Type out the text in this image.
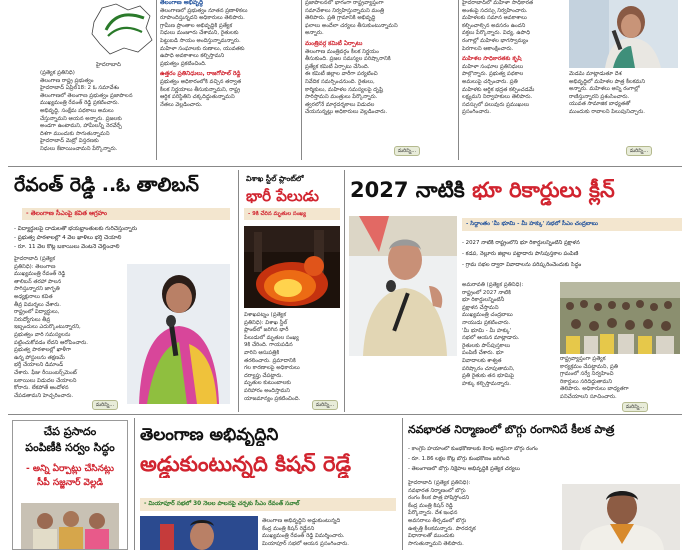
హైదరాబాద్
(ప్రత్యేక ప్రతినిధి)
తెలంగాణ రాష్ట్ర ప్రభుత్వం
హైదరాబాద్ ఏప్రిల్18: 2 ఓ సమావేశం
తెలంగాణలో తెలంగాణ ప్రభుత్వం ప్రజాపాలన
ముఖ్యమంత్రి రేవంత్ రెడ్డి ప్రకటించారు.
అభివృద్ధి, సంక్షేమ పథకాలు అమలు
చేస్తున్నామని ఆయన అన్నారు. ప్రజలకు
అండగా ఉంటామని, హామీలన్నీ నెరవేర్చే
దిశగా ముందుకు సాగుతున్నామని
హైదరాబాద్ మెట్రో విస్తరణకు
నిధులు కేటాయించామని పేర్కొన్నారు.
తెలంగాణ అభివృద్ధి
తెలంగాణలో ప్రభుత్వం నూతన ప్రణాళికలు
రూపొందిస్తున్నదని అధికారులు తెలిపారు.
గ్రామీణ ప్రాంతాల అభివృద్ధికి ప్రత్యేక
నిధులు మంజూరు చేశామని, రైతులకు
పెట్టుబడి సాయం అందిస్తున్నామన్నారు.
మహిళా సంఘాలకు రుణాలు, యువతకు
ఉపాధి అవకాశాలు కల్పిస్తామని
ప్రభుత్వం ప్రకటించింది.
ఉత్తరం ప్రతినిధులు, రాజగోపాల్ రెడ్డి
ప్రభుత్వం అధికారంలోకి వచ్చిన తర్వాత
కీలక నిర్ణయాలు తీసుకున్నామని, రాష్ట్ర
ఆర్థిక పరిస్థితిని చక్కదిద్దుతున్నామని
నేతలు వెల్లడించారు.
ప్రజాపాలనలో భాగంగా రాష్ట్రవ్యాప్తంగా
సమావేశాలు నిర్వహిస్తున్నామని మంత్రి
తెలిపారు. ప్రతి గ్రామానికి అభివృద్ధి
ఫలాలు అందేలా చర్యలు తీసుకుంటున్నామని
అన్నారు.
మంత్రివర్గ కమిటీ ఏర్పాటు
తెలంగాణ మంత్రివర్గం కీలక నిర్ణయం
తీసుకుంది. ప్రజల సమస్యల పరిష్కారానికి
ప్రత్యేక కమిటీ ఏర్పాటు చేసింది.
ఈ కమిటీ జిల్లాల వారీగా పర్యటించి
నివేదిక సమర్పించనుంది. రైతులు,
కార్మికులు, మహిళల సమస్యలపై దృష్టి
సారిస్తామని మంత్రులు పేర్కొన్నారు.
త్వరలోనే మార్గదర్శకాలు విడుదల
చేయనున్నట్లు అధికారులు వెల్లడించారు.
మరిన్ని...
హైదరాబాద్‌లో మహిళా సాధికారత
అంశంపై సదస్సు నిర్వహించారు.
మహిళలకు సమాన అవకాశాలు
కల్పించాల్సిన అవసరం ఉందని
వక్తలు పేర్కొన్నారు. విద్య, ఉపాధి
రంగాల్లో మహిళల భాగస్వామ్యం
పెరగాలని ఆకాంక్షించారు.
మహిళల సాధికారతకు కృషి
మహిళా సంఘాల ప్రతినిధులు
పాల్గొన్నారు. ప్రభుత్వ పథకాల
అమలుపై చర్చించారు. ప్రతి
మహిళకు ఆర్థిక భద్రత కల్పించడమే
లక్ష్యమని నిర్వాహకులు తెలిపారు.
సదస్సులో పలువురు ప్రముఖులు
ప్రసంగించారు.
మేడమ్ మాట్లాడుతూ దేశ
అభివృద్ధిలో మహిళల పాత్ర కీలకమని
అన్నారు. మహిళలు అన్ని రంగాల్లో
రాణిస్తున్నారని ప్రశంసించారు.
యువత సామాజిక బాధ్యతతో
ముందుకు రావాలని పిలుపునిచ్చారు.
మరిన్ని...
రేవంత్ రెడ్డి ..ఓ తాలిబన్
- తెలంగాణ సీఎంపై కవిత ఆగ్రహం
- విద్యార్థులపై దాడులతో భయభ్రాంతులకు గురిచేస్తున్నారు
- ప్రభుత్వ పాఠశాలల్లో 4 వేల ఖాళీలు భర్తీ చేయాలి
- రూ. 11 వేల కోట్ల బకాయిలు వెంటనే చెల్లించాలి
హైదరాబాద్ (ప్రత్యేక
ప్రతినిధి): తెలంగాణ
ముఖ్యమంత్రి రేవంత్ రెడ్డి
తాలిబన్ తరహా పాలన
సాగిస్తున్నారని జాగృతి
అధ్యక్షురాలు కవిత
తీవ్ర విమర్శలు చేశారు.
రాష్ట్రంలో విద్యార్థులు,
నిరుద్యోగులు తీవ్ర
ఇబ్బందులు ఎదుర్కొంటున్నారని,
ప్రభుత్వం వారి సమస్యలను
పట్టించుకోవడం లేదని ఆరోపించారు.
ప్రభుత్వ పాఠశాలల్లో ఖాళీగా
ఉన్న పోస్టులను తక్షణమే
భర్తీ చేయాలని డిమాండ్
చేశారు. ఫీజు రీయింబర్స్‌మెంట్
బకాయిలు విడుదల చేయాలని
కోరారు. లేకపోతే ఆందోళన
చేపడతామని హెచ్చరించారు.
మరిన్ని...
విశాఖ స్టీల్ ప్లాంట్‌లో
భారీ పేలుడు
- 9కి చేరిన మృతుల సంఖ్య
విశాఖపట్నం (ప్రత్యేక
ప్రతినిధి): విశాఖ స్టీల్
ప్లాంట్‌లో జరిగిన భారీ
పేలుడులో మృతుల సంఖ్య
9కి చేరింది. గాయపడిన
వారిని ఆసుపత్రికి
తరలించారు. ప్రమాదానికి
గల కారణాలపై అధికారులు
దర్యాప్తు చేపట్టారు.
మృతుల కుటుంబాలకు
పరిహారం అందిస్తామని
యాజమాన్యం ప్రకటించింది.
మరిన్ని...
2027 నాటికి భూ రికార్డులు క్లీన్
- సిద్దాంతం 'మీ భూమి - మీ హక్కు' సభలో సీఎం చంద్రబాబు
- 2027 నాటికి రాష్ట్రంలోని భూ రికార్డులన్నింటినీ ప్రక్షాళన
- కడప, నెల్లూరు జిల్లాల పట్టాదారు పాస్‌పుస్తకాల పంపిణీ
- గ్రామ సభల ద్వారా వివాదాలను పరిష్కరించేందుకు సిద్ధం
అమరావతి (ప్రత్యేక ప్రతినిధి):
రాష్ట్రంలో 2027 నాటికి
భూ రికార్డులన్నింటినీ
ప్రక్షాళన చేస్తామని
ముఖ్యమంత్రి చంద్రబాబు
నాయుడు ప్రకటించారు.
'మీ భూమి - మీ హక్కు'
సభలో ఆయన మాట్లాడారు.
రైతులకు పాస్‌పుస్తకాలు
పంపిణీ చేశారు. భూ
వివాదాలకు శాశ్వత
పరిష్కారం చూపుతామని,
ప్రతి రైతుకు తన భూమిపై
హక్కు కల్పిస్తామన్నారు.
రాష్ట్రవ్యాప్తంగా ప్రత్యేక
కార్యక్రమం చేపట్టామని, ప్రతి
గ్రామంలో సర్వే నిర్వహించి
రికార్డులు సరిదిద్దుతామని
తెలిపారు. అధికారులు బాధ్యతగా
పనిచేయాలని సూచించారు.
మరిన్ని...
చేప ప్రసాదం
పంపిణీకి సర్వం సిద్ధం
- అన్ని ఏర్పాట్లు చేసినట్లు
సీపీ సజ్జనార్ వెల్లడి
తెలంగాణ అభివృద్ధిని
అడ్డుకుంటున్నది కిషన్ రెడ్డే
- మియాపూర్ సభలో 30 నెలల పాలనపై చర్చకు సీఎం రేవంత్ సవాల్
తెలంగాణ అభివృద్ధిని అడ్డుకుంటున్నది
కేంద్ర మంత్రి కిషన్ రెడ్డేనని
ముఖ్యమంత్రి రేవంత్ రెడ్డి విమర్శించారు.
మియాపూర్ సభలో ఆయన ప్రసంగించారు.
నవభారత నిర్మాణంలో బొగ్గు రంగానిదే కీలక పాత్ర
- కాంగ్రెస్ హయాంలో కుంభకోణాలకు కేరాఫ్ అడ్రస్‌గా బొగ్గు రంగం
- రూ. 1.86 లక్షల కోట్ల బొగ్గు కుంభకోణం జరిగింది
- తెలంగాణలో బొగ్గు నిక్షేపాల అభివృద్ధికి ప్రత్యేక చర్యలు
హైదరాబాద్ (ప్రత్యేక ప్రతినిధి):
నవభారత నిర్మాణంలో బొగ్గు
రంగం కీలక పాత్ర పోషిస్తోందని
కేంద్ర మంత్రి కిషన్ రెడ్డి
పేర్కొన్నారు. దేశ ఇంధన
అవసరాలు తీర్చడంలో బొగ్గు
ఉత్పత్తి కీలకమన్నారు. పారదర్శక
విధానాలతో ముందుకు
సాగుతున్నామని తెలిపారు.
